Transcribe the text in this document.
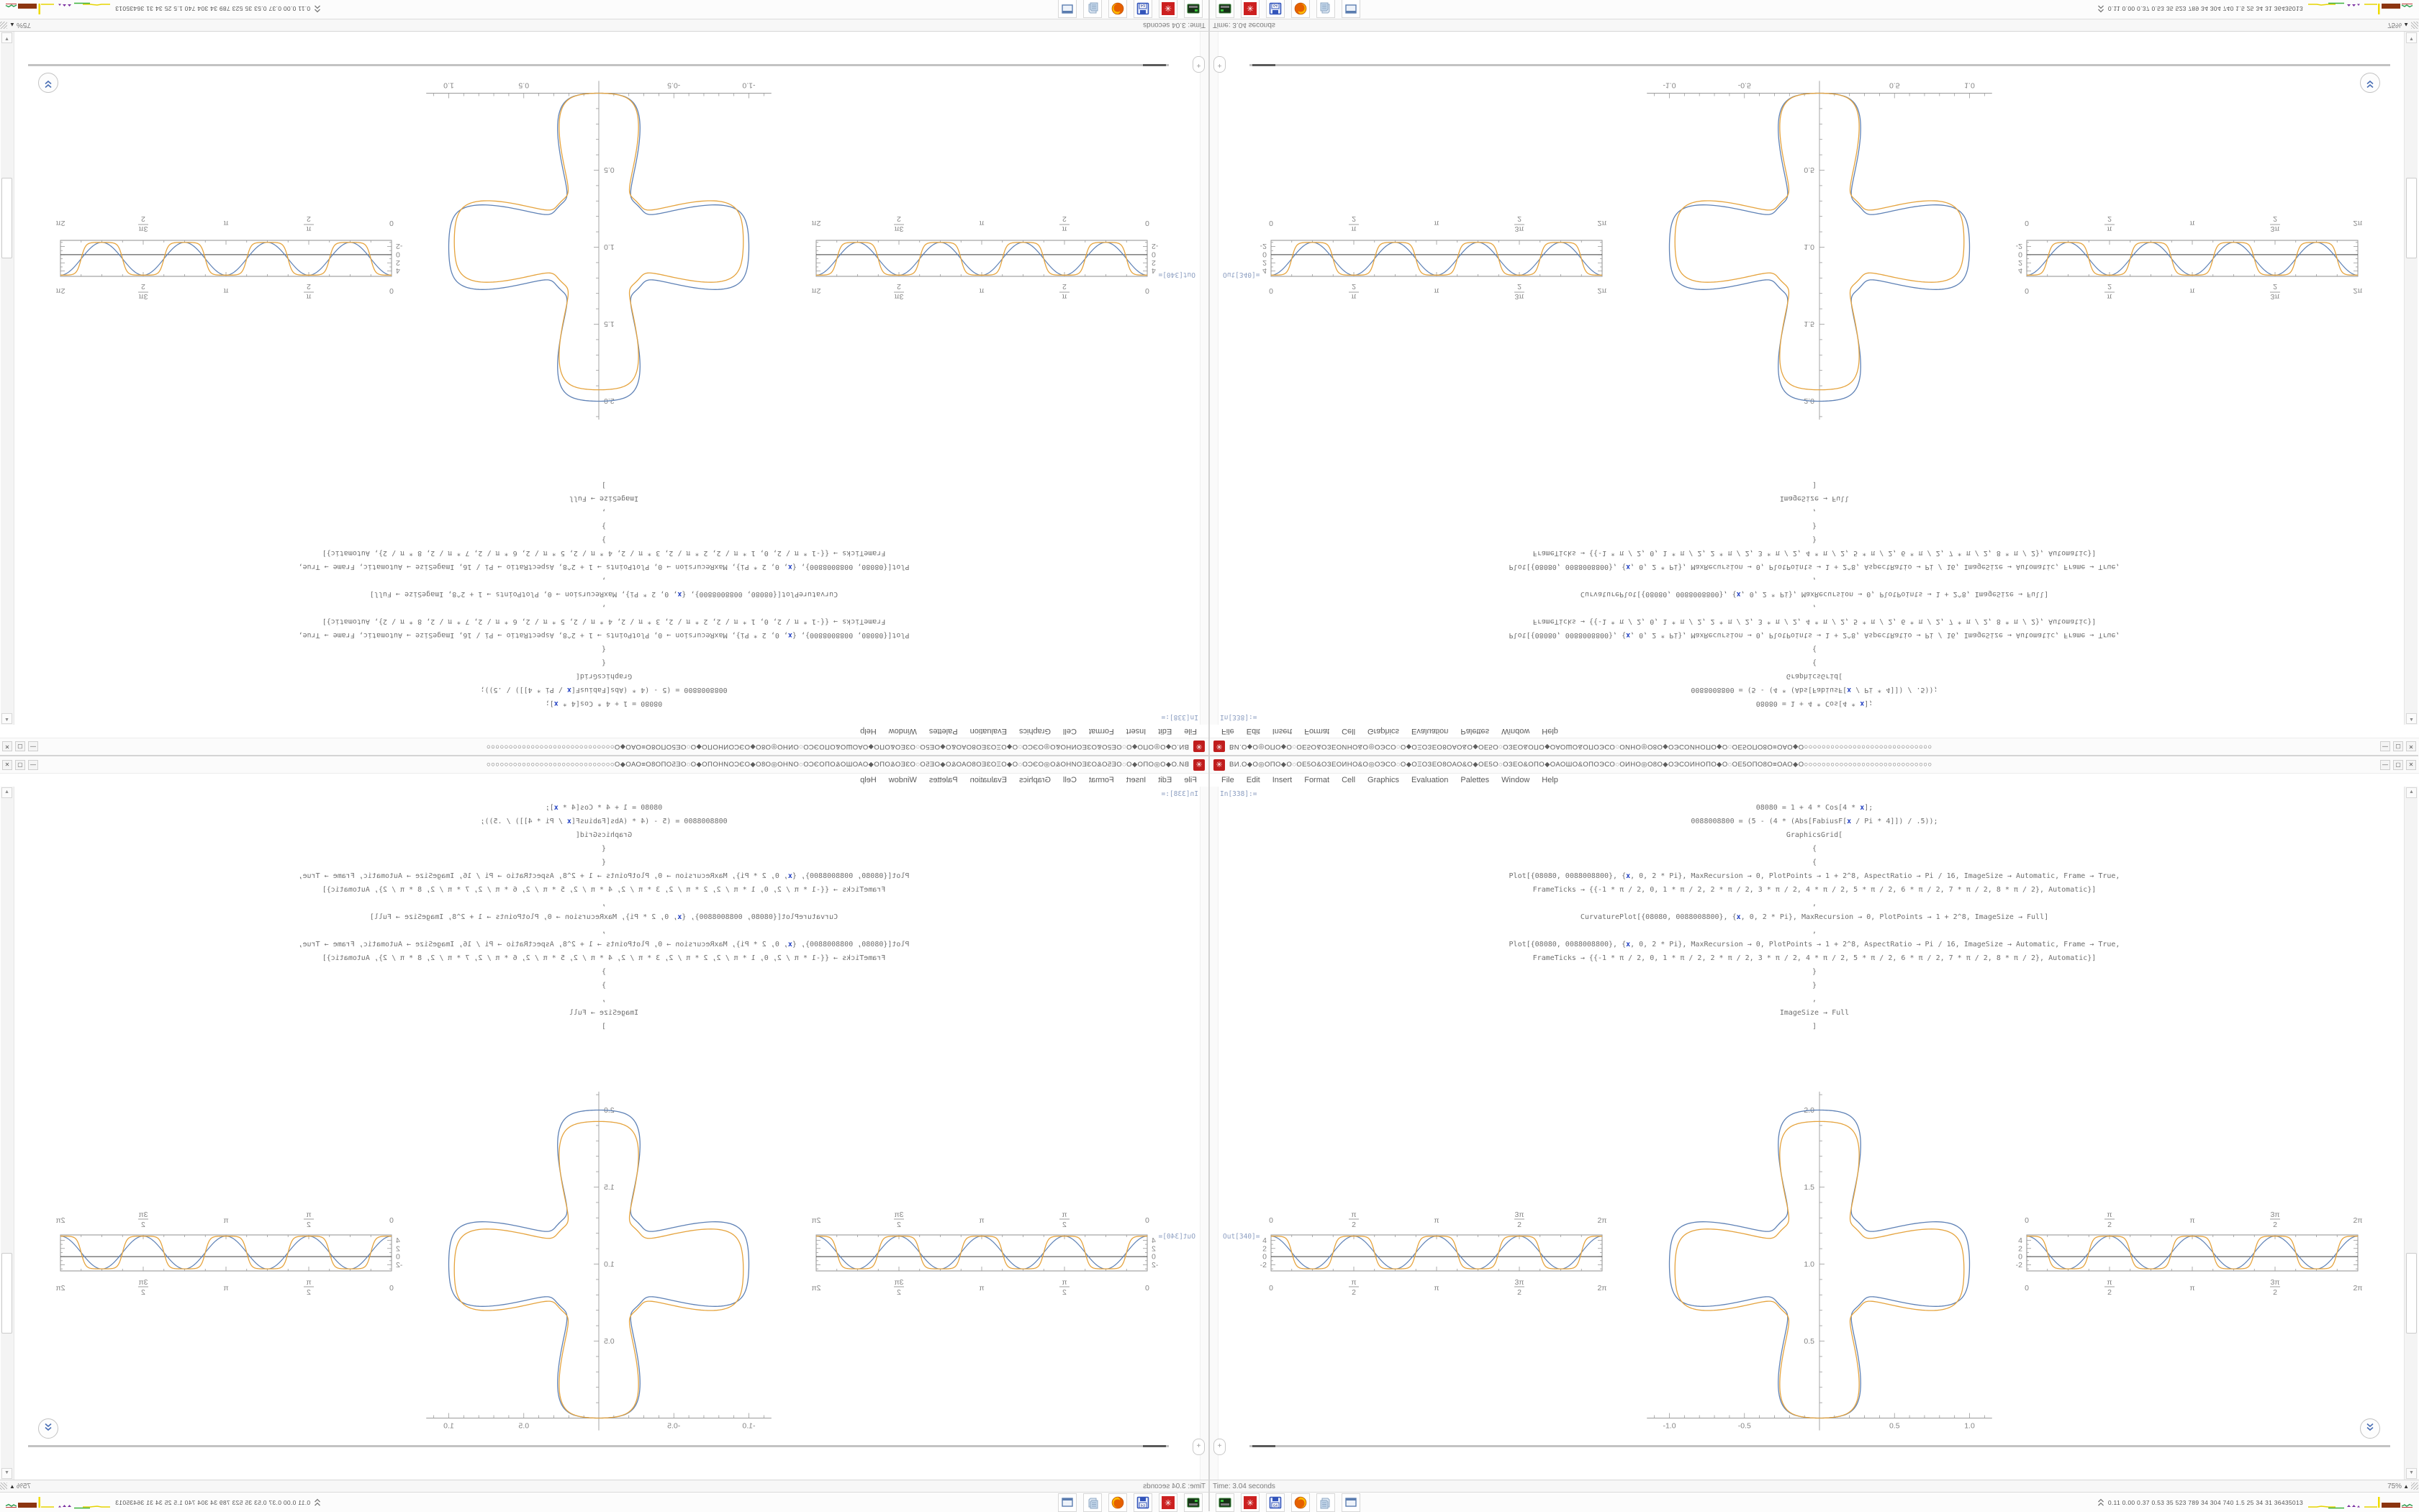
✳ ВИ.О◆О◎ОПО◆О◌ОЕ5О&ОЗЕОИНО&О◎ОЭСО◌О◆ОΞОЗЕО8ОАО&О◆ОЕ5О◌ОЗЕО&ОПО◆ОАОШО&ОПОЭСО◌ОИНО◎О8О◆ОЭСОИНОПО◆О◌ОЕ5ОПО8О≡ОАО◆О○○○○○○○○○○○○○○○○○○○○○○○○○○○○○	—	▢	✕
File Edit Insert Format Cell Graphics Evaluation Palettes Window Help
In[338]:=
08080 = 1 + 4 * Cos[4 * x];
0088008800 = (5 - (4 * (Abs[FabiusF[x / Pi * 4]]) / .5));
GraphicsGrid[
{
{
Plot[{08080, 0088008800}, {x, 0, 2 * Pi}, MaxRecursion → 0, PlotPoints → 1 + 2^8, AspectRatio → Pi / 16, ImageSize → Automatic, Frame → True,
FrameTicks → {{-1 * π / 2, 0, 1 * π / 2, 2 * π / 2, 3 * π / 2, 4 * π / 2, 5 * π / 2, 6 * π / 2, 7 * π / 2, 8 * π / 2}, Automatic}]
,
CurvaturePlot[{08080, 0088008800}, {x, 0, 2 * Pi}, MaxRecursion → 0, PlotPoints → 1 + 2^8, ImageSize → Full]
,
Plot[{08080, 0088008800}, {x, 0, 2 * Pi}, MaxRecursion → 0, PlotPoints → 1 + 2^8, AspectRatio → Pi / 16, ImageSize → Automatic, Frame → True,
FrameTicks → {{-1 * π / 2, 0, 1 * π / 2, 2 * π / 2, 3 * π / 2, 4 * π / 2, 5 * π / 2, 6 * π / 2, 7 * π / 2, 8 * π / 2}, Automatic}]
}
}
,
ImageSize → Full
]
Out[340]=
0
0
π
2
π
2
π
π
3π
2
3π
2
2π
2π
4
2
0
-2
-1.0	-0.5	0.5	1.0
0.5
1.0
1.5
2.0
0
0
π
2
π
2
π
π
3π
2
3π
2
2π
2π
4
2
0
-2
+
▲
▼
Time: 3.04 seconds	75% ▲
✳	64	0.11 0.00 0.37 0.53 35 523 789 34 304 740 1.5 25 34 31 36435013
✳
ВИ.О◆О◎ОПО◆О◌ОЕ5О&ОЗЕОИНО&О◎ОЭСО◌О◆ОΞОЗЕО8ОАО&О◆ОЕ5О◌ОЗЕО&ОПО◆ОАОШО&ОПОЭСО◌ОИНО◎О8О◆ОЭСОИНОПО◆О◌ОЕ5ОПО8О≡ОАО◆О○○○○○○○○○○○○○○○○○○○○○○○○○○○○○
—
▢
✕
File
Edit
Insert
Format
Cell
Graphics
Evaluation
Palettes
Window
Help
In[338]:=
08080 = 1 + 4 * Cos[4 * x];
0088008800 = (5 - (4 * (Abs[FabiusF[x / Pi * 4]]) / .5));
GraphicsGrid[
{
{
Plot[{08080, 0088008800}, {x, 0, 2 * Pi}, MaxRecursion → 0, PlotPoints → 1 + 2^8, AspectRatio → Pi / 16, ImageSize → Automatic, Frame → True,
FrameTicks → {{-1 * π / 2, 0, 1 * π / 2, 2 * π / 2, 3 * π / 2, 4 * π / 2, 5 * π / 2, 6 * π / 2, 7 * π / 2, 8 * π / 2}, Automatic}]
,
CurvaturePlot[{08080, 0088008800}, {x, 0, 2 * Pi}, MaxRecursion → 0, PlotPoints → 1 + 2^8, ImageSize → Full]
,
Plot[{08080, 0088008800}, {x, 0, 2 * Pi}, MaxRecursion → 0, PlotPoints → 1 + 2^8, AspectRatio → Pi / 16, ImageSize → Automatic, Frame → True,
FrameTicks → {{-1 * π / 2, 0, 1 * π / 2, 2 * π / 2, 3 * π / 2, 4 * π / 2, 5 * π / 2, 6 * π / 2, 7 * π / 2, 8 * π / 2}, Automatic}]
}
}
,
ImageSize → Full
]
Out[340]=
0
0
π
2
π
2
π
π
3π
2
3π
2
2π
2π
4
2
0
-2
-1.0
-0.5
0.5
1.0
0.5
1.0
1.5
2.0
0
0
π
2
π
2
π
π
3π
2
3π
2
2π
2π
4
2
0
-2
+
▲
▼
Time: 3.04 seconds
75%
▲
✳
64
0.11 0.00 0.37 0.53 35 523 789 34 304 740 1.5 25 34 31 36435013
✳ ВИ.О◆О◎ОПО◆О◌ОЕ5О&ОЗЕОИНО&О◎ОЭСО◌О◆ОΞОЗЕО8ОАО&О◆ОЕ5О◌ОЗЕО&ОПО◆ОАОШО&ОПОЭСО◌ОИНО◎О8О◆ОЭСОИНОПО◆О◌ОЕ5ОПО8О≡ОАО◆О○○○○○○○○○○○○○○○○○○○○○○○○○○○○○	—	▢	✕
File Edit Insert Format Cell Graphics Evaluation Palettes Window Help
In[338]:=
08080 = 1 + 4 * Cos[4 * x];
0088008800 = (5 - (4 * (Abs[FabiusF[x / Pi * 4]]) / .5));
GraphicsGrid[
{
{
Plot[{08080, 0088008800}, {x, 0, 2 * Pi}, MaxRecursion → 0, PlotPoints → 1 + 2^8, AspectRatio → Pi / 16, ImageSize → Automatic, Frame → True,
FrameTicks → {{-1 * π / 2, 0, 1 * π / 2, 2 * π / 2, 3 * π / 2, 4 * π / 2, 5 * π / 2, 6 * π / 2, 7 * π / 2, 8 * π / 2}, Automatic}]
,
CurvaturePlot[{08080, 0088008800}, {x, 0, 2 * Pi}, MaxRecursion → 0, PlotPoints → 1 + 2^8, ImageSize → Full]
,
Plot[{08080, 0088008800}, {x, 0, 2 * Pi}, MaxRecursion → 0, PlotPoints → 1 + 2^8, AspectRatio → Pi / 16, ImageSize → Automatic, Frame → True,
FrameTicks → {{-1 * π / 2, 0, 1 * π / 2, 2 * π / 2, 3 * π / 2, 4 * π / 2, 5 * π / 2, 6 * π / 2, 7 * π / 2, 8 * π / 2}, Automatic}]
}
}
,
ImageSize → Full
]
Out[340]=
0
0
π
2
π
2
π
π
3π
2
3π
2
2π
2π
4
2
0
-2
-1.0	-0.5	0.5	1.0
0.5
1.0
1.5
2.0
0
0
π
2
π
2
π
π
3π
2
3π
2
2π
2π
4
2
0
-2
+
▲
▼
Time: 3.04 seconds	75% ▲
✳	64	0.11 0.00 0.37 0.53 35 523 789 34 304 740 1.5 25 34 31 36435013
✳
ВИ.О◆О◎ОПО◆О◌ОЕ5О&ОЗЕОИНО&О◎ОЭСО◌О◆ОΞОЗЕО8ОАО&О◆ОЕ5О◌ОЗЕО&ОПО◆ОАОШО&ОПОЭСО◌ОИНО◎О8О◆ОЭСОИНОПО◆О◌ОЕ5ОПО8О≡ОАО◆О○○○○○○○○○○○○○○○○○○○○○○○○○○○○○
—
▢
✕
File
Edit
Insert
Format
Cell
Graphics
Evaluation
Palettes
Window
Help
In[338]:=
08080 = 1 + 4 * Cos[4 * x];
0088008800 = (5 - (4 * (Abs[FabiusF[x / Pi * 4]]) / .5));
GraphicsGrid[
{
{
Plot[{08080, 0088008800}, {x, 0, 2 * Pi}, MaxRecursion → 0, PlotPoints → 1 + 2^8, AspectRatio → Pi / 16, ImageSize → Automatic, Frame → True,
FrameTicks → {{-1 * π / 2, 0, 1 * π / 2, 2 * π / 2, 3 * π / 2, 4 * π / 2, 5 * π / 2, 6 * π / 2, 7 * π / 2, 8 * π / 2}, Automatic}]
,
CurvaturePlot[{08080, 0088008800}, {x, 0, 2 * Pi}, MaxRecursion → 0, PlotPoints → 1 + 2^8, ImageSize → Full]
,
Plot[{08080, 0088008800}, {x, 0, 2 * Pi}, MaxRecursion → 0, PlotPoints → 1 + 2^8, AspectRatio → Pi / 16, ImageSize → Automatic, Frame → True,
FrameTicks → {{-1 * π / 2, 0, 1 * π / 2, 2 * π / 2, 3 * π / 2, 4 * π / 2, 5 * π / 2, 6 * π / 2, 7 * π / 2, 8 * π / 2}, Automatic}]
}
}
,
ImageSize → Full
]
Out[340]=
0
0
π
2
π
2
π
π
3π
2
3π
2
2π
2π
4
2
0
-2
-1.0
-0.5
0.5
1.0
0.5
1.0
1.5
2.0
0
0
π
2
π
2
π
π
3π
2
3π
2
2π
2π
4
2
0
-2
+
▲
▼
Time: 3.04 seconds
75%
▲
✳
64
0.11 0.00 0.37 0.53 35 523 789 34 304 740 1.5 25 34 31 36435013
